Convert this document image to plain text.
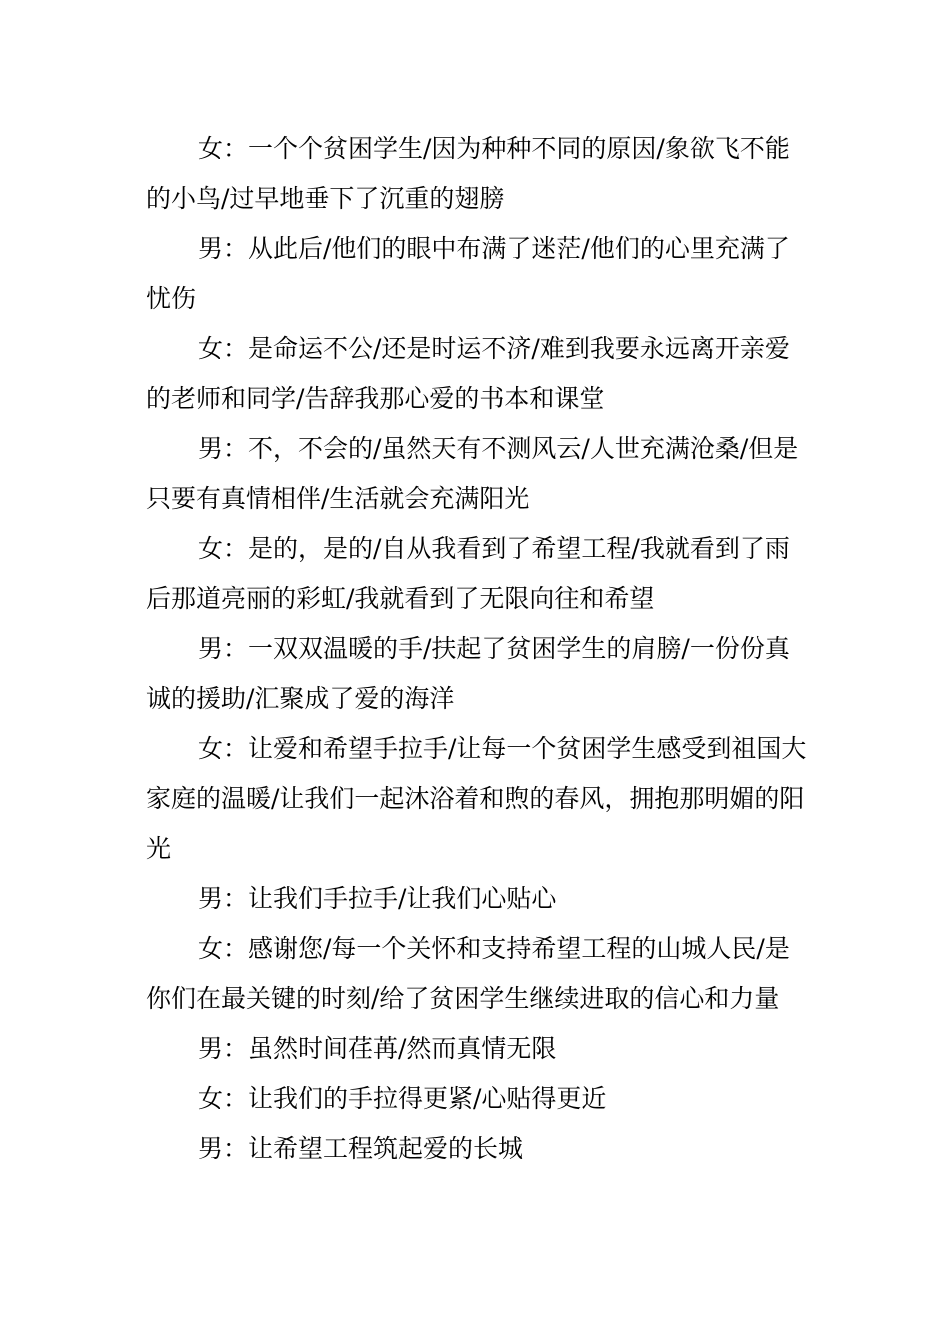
女：一个个贫困学生/因为种种不同的原因/象欲飞不能的小鸟/过早地垂下了沉重的翅膀

男：从此后/他们的眼中布满了迷茫/他们的心里充满了忧伤

女：是命运不公/还是时运不济/难到我要永远离开亲爱的老师和同学/告辞我那心爱的书本和课堂

男：不，不会的/虽然天有不测风云/人世充满沧桑/但是只要有真情相伴/生活就会充满阳光

女：是的，是的/自从我看到了希望工程/我就看到了雨后那道亮丽的彩虹/我就看到了无限向往和希望

男：一双双温暖的手/扶起了贫困学生的肩膀/一份份真诚的援助/汇聚成了爱的海洋

女：让爱和希望手拉手/让每一个贫困学生感受到祖国大家庭的温暖/让我们一起沐浴着和煦的春风，拥抱那明媚的阳光

男：让我们手拉手/让我们心贴心

女：感谢您/每一个关怀和支持希望工程的山城人民/是你们在最关键的时刻/给了贫困学生继续进取的信心和力量

男：虽然时间荏苒/然而真情无限

女：让我们的手拉得更紧/心贴得更近

男：让希望工程筑起爱的长城
